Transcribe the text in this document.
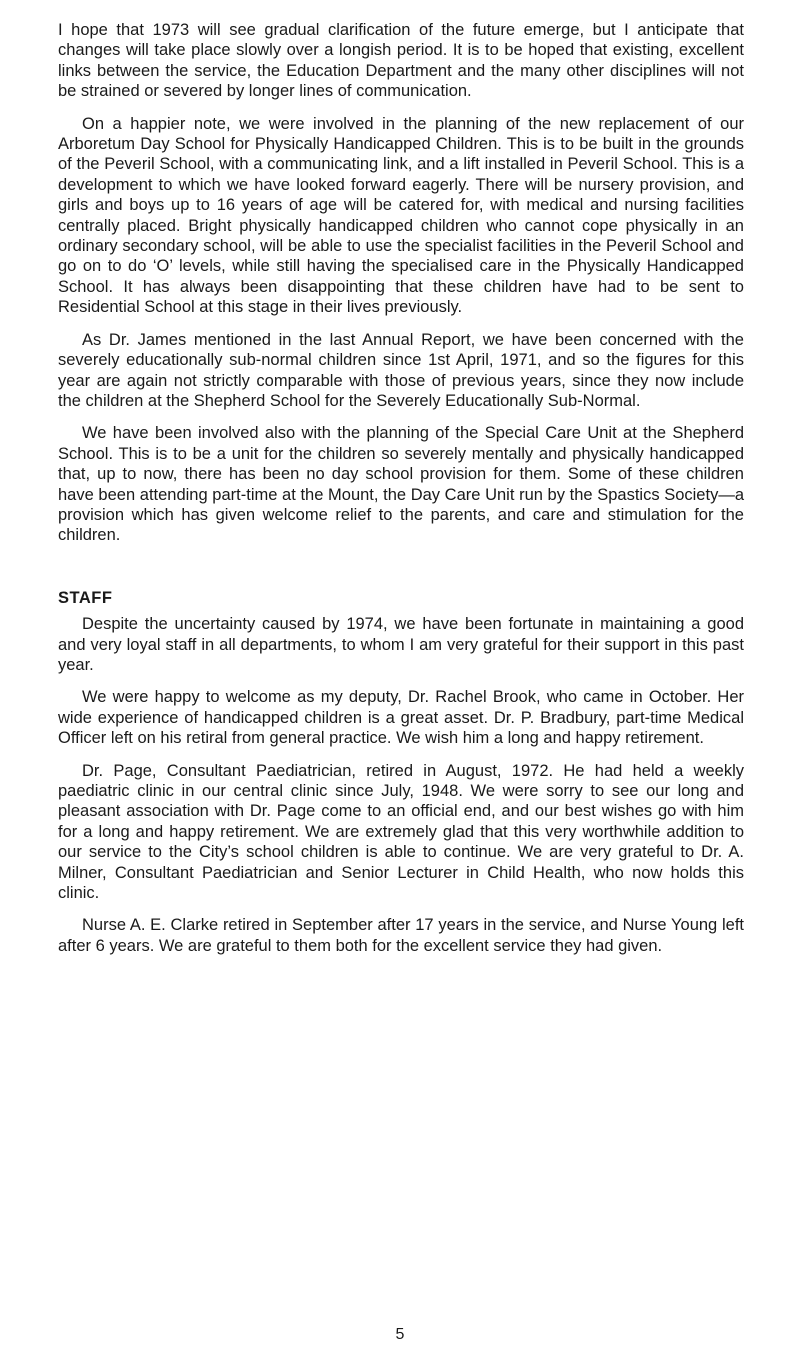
I hope that 1973 will see gradual clarification of the future emerge, but I anticipate that changes will take place slowly over a longish period. It is to be hoped that existing, excellent links between the service, the Education Department and the many other disciplines will not be strained or severed by longer lines of communication.

On a happier note, we were involved in the planning of the new replacement of our Arboretum Day School for Physically Handicapped Children. This is to be built in the grounds of the Peveril School, with a communicating link, and a lift installed in Peveril School. This is a development to which we have looked forward eagerly. There will be nursery provision, and girls and boys up to 16 years of age will be catered for, with medical and nursing facilities centrally placed. Bright physically handicapped children who cannot cope physically in an ordinary secondary school, will be able to use the specialist facilities in the Peveril School and go on to do ‘O’ levels, while still having the specialised care in the Physically Handicapped School. It has always been disappointing that these children have had to be sent to Residential School at this stage in their lives previously.

As Dr. James mentioned in the last Annual Report, we have been concerned with the severely educationally sub-normal children since 1st April, 1971, and so the figures for this year are again not strictly comparable with those of previous years, since they now include the children at the Shepherd School for the Severely Educationally Sub-Normal.

We have been involved also with the planning of the Special Care Unit at the Shepherd School. This is to be a unit for the children so severely mentally and physically handicapped that, up to now, there has been no day school provision for them. Some of these children have been attending part-time at the Mount, the Day Care Unit run by the Spastics Society—a provision which has given welcome relief to the parents, and care and stimulation for the children.

STAFF

Despite the uncertainty caused by 1974, we have been fortunate in maintaining a good and very loyal staff in all departments, to whom I am very grateful for their support in this past year.

We were happy to welcome as my deputy, Dr. Rachel Brook, who came in October. Her wide experience of handicapped children is a great asset. Dr. P. Bradbury, part-time Medical Officer left on his retiral from general practice. We wish him a long and happy retirement.

Dr. Page, Consultant Paediatrician, retired in August, 1972. He had held a weekly paediatric clinic in our central clinic since July, 1948. We were sorry to see our long and pleasant association with Dr. Page come to an official end, and our best wishes go with him for a long and happy retirement. We are extremely glad that this very worthwhile addition to our service to the City’s school children is able to continue. We are very grateful to Dr. A. Milner, Consultant Paediatrician and Senior Lecturer in Child Health, who now holds this clinic.

Nurse A. E. Clarke retired in September after 17 years in the service, and Nurse Young left after 6 years. We are grateful to them both for the excellent service they had given.

5
